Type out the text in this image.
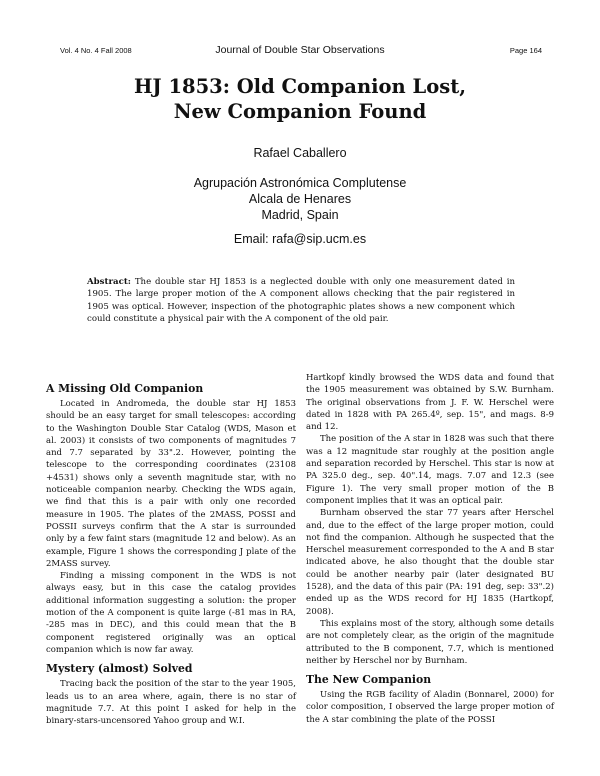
Vol. 4 No. 4 Fall 2008	Journal of Double Star Observations	Page 164
HJ 1853: Old Companion Lost,
New Companion Found
Rafael Caballero
Agrupación Astronómica Complutense
Alcala de Henares
Madrid, Spain
Email: rafa@sip.ucm.es
Abstract: The double star HJ 1853 is a neglected double with only one measurement dated in 1905. The large proper motion of the A component allows checking that the pair registered in 1905 was optical. However, inspection of the photographic plates shows a new component which could constitute a physical pair with the A component of the old pair.
A Missing Old Companion

Located in Andromeda, the double star HJ 1853 should be an easy target for small telescopes: according to the Washington Double Star Catalog (WDS, Mason et al. 2003) it consists of two components of magnitudes 7 and 7.7 separated by 33".2. However, pointing the telescope to the corresponding coordinates (23108 +4531) shows only a seventh magnitude star, with no noticeable companion nearby. Checking the WDS again, we find that this is a pair with only one recorded measure in 1905. The plates of the 2MASS, POSSI and POSSII surveys confirm that the A star is surrounded only by a few faint stars (magnitude 12 and below). As an example, Figure 1 shows the corresponding J plate of the 2MASS survey.

Finding a missing component in the WDS is not always easy, but in this case the catalog provides additional information suggesting a solution: the proper motion of the A component is quite large (-81 mas in RA, -285 mas in DEC), and this could mean that the B component registered originally was an optical companion which is now far away.

Mystery (almost) Solved

Tracing back the position of the star to the year 1905, leads us to an area where, again, there is no star of magnitude 7.7. At this point I asked for help in the binary-stars-uncensored Yahoo group and W.I.

Hartkopf kindly browsed the WDS data and found that the 1905 measurement was obtained by S.W. Burnham. The original observations from J. F. W. Herschel were dated in 1828 with PA 265.4º, sep. 15", and mags. 8-9 and 12.

The position of the A star in 1828 was such that there was a 12 magnitude star roughly at the position angle and separation recorded by Herschel. This star is now at PA 325.0 deg., sep. 40".14, mags. 7.07 and 12.3 (see Figure 1). The very small proper motion of the B component implies that it was an optical pair.

Burnham observed the star 77 years after Herschel and, due to the effect of the large proper motion, could not find the companion. Although he suspected that the Herschel measurement corresponded to the A and B star indicated above, he also thought that the double star could be another nearby pair (later designated BU 1528), and the data of this pair (PA: 191 deg, sep: 33".2) ended up as the WDS record for HJ 1835 (Hartkopf, 2008).

This explains most of the story, although some details are not completely clear, as the origin of the magnitude attributed to the B component, 7.7, which is mentioned neither by Herschel nor by Burnham.

The New Companion

Using the RGB facility of Aladin (Bonnarel, 2000) for color composition, I observed the large proper motion of the A star combining the plate of the POSSI
